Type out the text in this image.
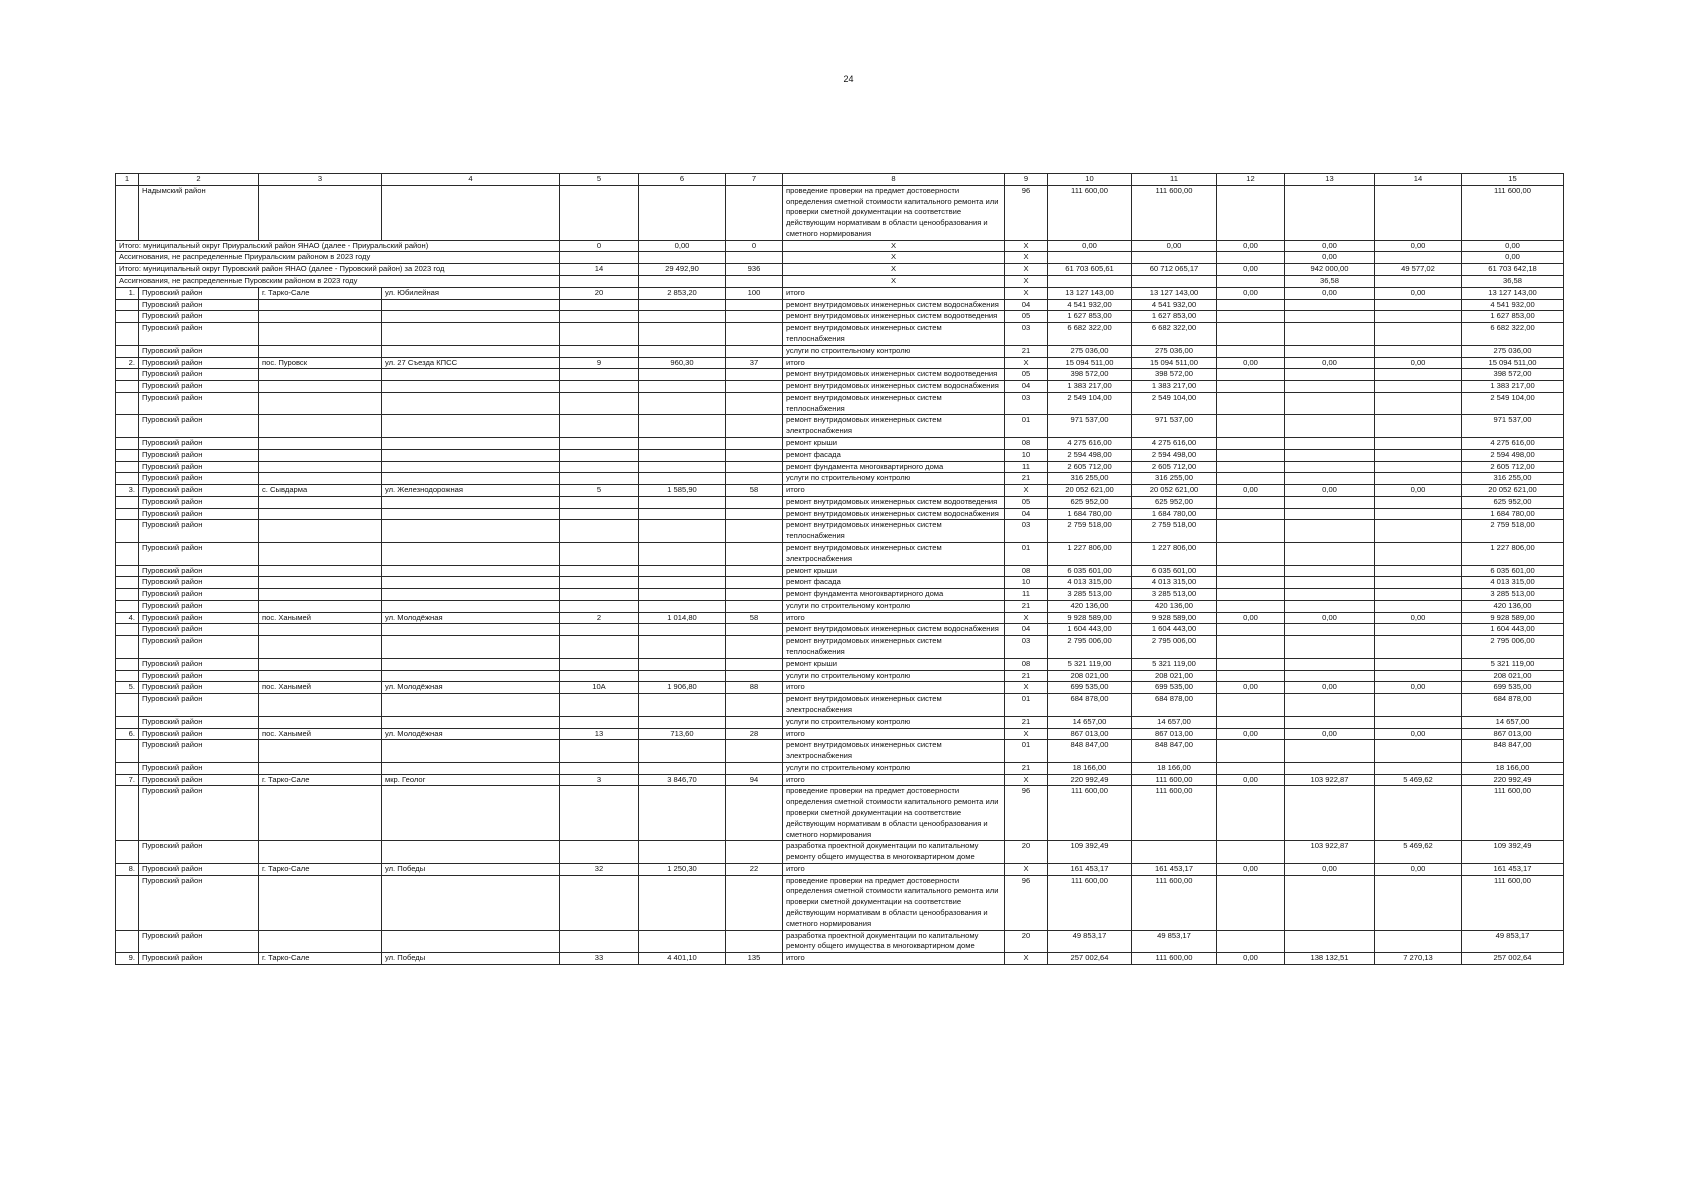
24
1	2	3	4	5	6	7	8	9	10	11	12	13	14	15
	Надымский район						проведение проверки на предмет достоверности определения сметной стоимости капитального ремонта или проверки сметной документации на соответствие действующим нормативам в области ценообразования и сметного нормирования	96	111 600,00	111 600,00				111 600,00
Итого: муниципальный округ Приуральский район ЯНАО (далее - Приуральский район)				0	0,00	0	Х	Х	0,00	0,00	0,00	0,00	0,00	0,00
Ассигнования, не распределенные Приуральским районом в 2023 году							Х	Х				0,00		0,00
Итого: муниципальный округ Пуровский район ЯНАО (далее - Пуровский район) за 2023 год				14	29 492,90	936	Х	Х	61 703 605,61	60 712 065,17	0,00	942 000,00	49 577,02	61 703 642,18
Ассигнования, не распределенные Пуровским районом в 2023 году							Х	Х				36,58		36,58
1.	Пуровский район	г. Тарко-Сале	ул. Юбилейная	20	2 853,20	100	итого	Х	13 127 143,00	13 127 143,00	0,00	0,00	0,00	13 127 143,00
	Пуровский район						ремонт внутридомовых инженерных систем водоснабжения	04	4 541 932,00	4 541 932,00				4 541 932,00
	Пуровский район						ремонт внутридомовых инженерных систем водоотведения	05	1 627 853,00	1 627 853,00				1 627 853,00
	Пуровский район						ремонт внутридомовых инженерных систем теплоснабжения	03	6 682 322,00	6 682 322,00				6 682 322,00
	Пуровский район						услуги по строительному контролю	21	275 036,00	275 036,00				275 036,00
2.	Пуровский район	пос. Пуровск	ул. 27 Съезда КПСС	9	960,30	37	итого	Х	15 094 511,00	15 094 511,00	0,00	0,00	0,00	15 094 511,00
	Пуровский район						ремонт внутридомовых инженерных систем водоотведения	05	398 572,00	398 572,00				398 572,00
	Пуровский район						ремонт внутридомовых инженерных систем водоснабжения	04	1 383 217,00	1 383 217,00				1 383 217,00
	Пуровский район						ремонт внутридомовых инженерных систем теплоснабжения	03	2 549 104,00	2 549 104,00				2 549 104,00
	Пуровский район						ремонт внутридомовых инженерных систем электроснабжения	01	971 537,00	971 537,00				971 537,00
	Пуровский район						ремонт крыши	08	4 275 616,00	4 275 616,00				4 275 616,00
	Пуровский район						ремонт фасада	10	2 594 498,00	2 594 498,00				2 594 498,00
	Пуровский район						ремонт фундамента многоквартирного дома	11	2 605 712,00	2 605 712,00				2 605 712,00
	Пуровский район						услуги по строительному контролю	21	316 255,00	316 255,00				316 255,00
3.	Пуровский район	с. Сывдарма	ул. Железнодорожная	5	1 585,90	58	итого	Х	20 052 621,00	20 052 621,00	0,00	0,00	0,00	20 052 621,00
	Пуровский район						ремонт внутридомовых инженерных систем водоотведения	05	625 952,00	625 952,00				625 952,00
	Пуровский район						ремонт внутридомовых инженерных систем водоснабжения	04	1 684 780,00	1 684 780,00				1 684 780,00
	Пуровский район						ремонт внутридомовых инженерных систем теплоснабжения	03	2 759 518,00	2 759 518,00				2 759 518,00
	Пуровский район						ремонт внутридомовых инженерных систем электроснабжения	01	1 227 806,00	1 227 806,00				1 227 806,00
	Пуровский район						ремонт крыши	08	6 035 601,00	6 035 601,00				6 035 601,00
	Пуровский район						ремонт фасада	10	4 013 315,00	4 013 315,00				4 013 315,00
	Пуровский район						ремонт фундамента многоквартирного дома	11	3 285 513,00	3 285 513,00				3 285 513,00
	Пуровский район						услуги по строительному контролю	21	420 136,00	420 136,00				420 136,00
4.	Пуровский район	пос. Ханымей	ул. Молодёжная	2	1 014,80	58	итого	Х	9 928 589,00	9 928 589,00	0,00	0,00	0,00	9 928 589,00
	Пуровский район						ремонт внутридомовых инженерных систем водоснабжения	04	1 604 443,00	1 604 443,00				1 604 443,00
	Пуровский район						ремонт внутридомовых инженерных систем теплоснабжения	03	2 795 006,00	2 795 006,00				2 795 006,00
	Пуровский район						ремонт крыши	08	5 321 119,00	5 321 119,00				5 321 119,00
	Пуровский район						услуги по строительному контролю	21	208 021,00	208 021,00				208 021,00
5.	Пуровский район	пос. Ханымей	ул. Молодёжная	10А	1 906,80	88	итого	Х	699 535,00	699 535,00	0,00	0,00	0,00	699 535,00
	Пуровский район						ремонт внутридомовых инженерных систем электроснабжения	01	684 878,00	684 878,00				684 878,00
	Пуровский район						услуги по строительному контролю	21	14 657,00	14 657,00				14 657,00
6.	Пуровский район	пос. Ханымей	ул. Молодёжная	13	713,60	28	итого	Х	867 013,00	867 013,00	0,00	0,00	0,00	867 013,00
	Пуровский район						ремонт внутридомовых инженерных систем электроснабжения	01	848 847,00	848 847,00				848 847,00
	Пуровский район						услуги по строительному контролю	21	18 166,00	18 166,00				18 166,00
7.	Пуровский район	г. Тарко-Сале	мкр. Геолог	3	3 846,70	94	итого	Х	220 992,49	111 600,00	0,00	103 922,87	5 469,62	220 992,49
	Пуровский район						проведение проверки на предмет достоверности определения сметной стоимости капитального ремонта или проверки сметной документации на соответствие действующим нормативам в области ценообразования и сметного нормирования	96	111 600,00	111 600,00				111 600,00
	Пуровский район						разработка проектной документации по капитальному ремонту общего имущества в многоквартирном доме	20	109 392,49			103 922,87	5 469,62	109 392,49
8.	Пуровский район	г. Тарко-Сале	ул. Победы	32	1 250,30	22	итого	Х	161 453,17	161 453,17	0,00	0,00	0,00	161 453,17
	Пуровский район						проведение проверки на предмет достоверности определения сметной стоимости капитального ремонта или проверки сметной документации на соответствие действующим нормативам в области ценообразования и сметного нормирования	96	111 600,00	111 600,00				111 600,00
	Пуровский район						разработка проектной документации по капитальному ремонту общего имущества в многоквартирном доме	20	49 853,17	49 853,17				49 853,17
9.	Пуровский район	г. Тарко-Сале	ул. Победы	33	4 401,10	135	итого	Х	257 002,64	111 600,00	0,00	138 132,51	7 270,13	257 002,64
